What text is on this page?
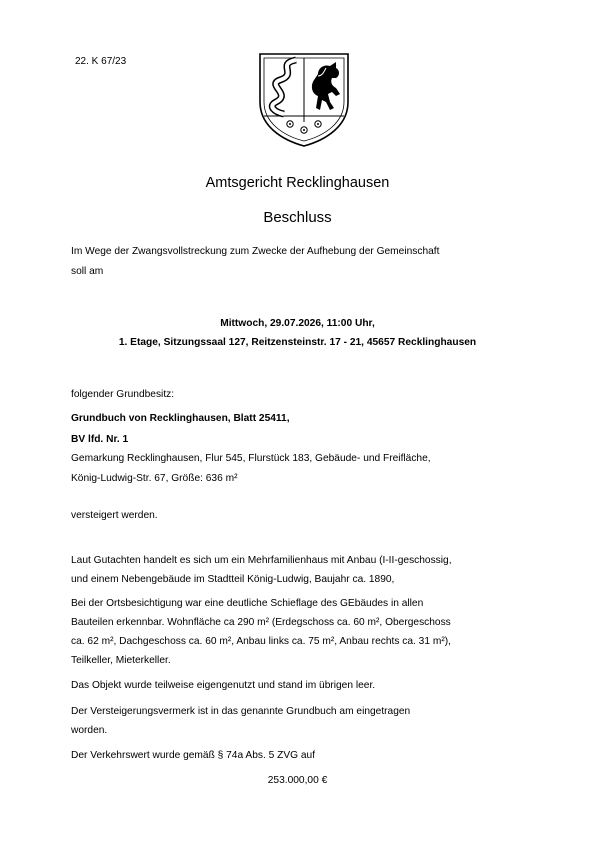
22. K 67/23
Amtsgericht Recklinghausen
Beschluss
Im Wege der Zwangsvollstreckung zum Zwecke der Aufhebung der Gemeinschaft
soll am
Mittwoch, 29.07.2026, 11:00 Uhr,
1. Etage, Sitzungssaal 127, Reitzensteinstr. 17 - 21, 45657 Recklinghausen
folgender Grundbesitz:
Grundbuch von Recklinghausen, Blatt 25411,
BV lfd. Nr. 1
Gemarkung Recklinghausen, Flur 545, Flurstück 183, Gebäude- und Freifläche,
König-Ludwig-Str. 67, Größe: 636 m²
versteigert werden.
Laut Gutachten handelt es sich um ein Mehrfamilienhaus mit Anbau (I-II-geschossig,
und einem Nebengebäude im Stadtteil König-Ludwig, Baujahr ca. 1890,
Bei der Ortsbesichtigung war eine deutliche Schieflage des GEbäudes in allen
Bauteilen erkennbar. Wohnfläche ca 290 m² (Erdegschoss ca. 60 m², Obergeschoss
ca. 62 m², Dachgeschoss ca. 60 m², Anbau links ca. 75 m², Anbau rechts ca. 31 m²),
Teilkeller, Mieterkeller.
Das Objekt wurde teilweise eigengenutzt und stand im übrigen leer.
Der Versteigerungsvermerk ist in das genannte Grundbuch am eingetragen
worden.
Der Verkehrswert wurde gemäß § 74a Abs. 5 ZVG auf
253.000,00 €
